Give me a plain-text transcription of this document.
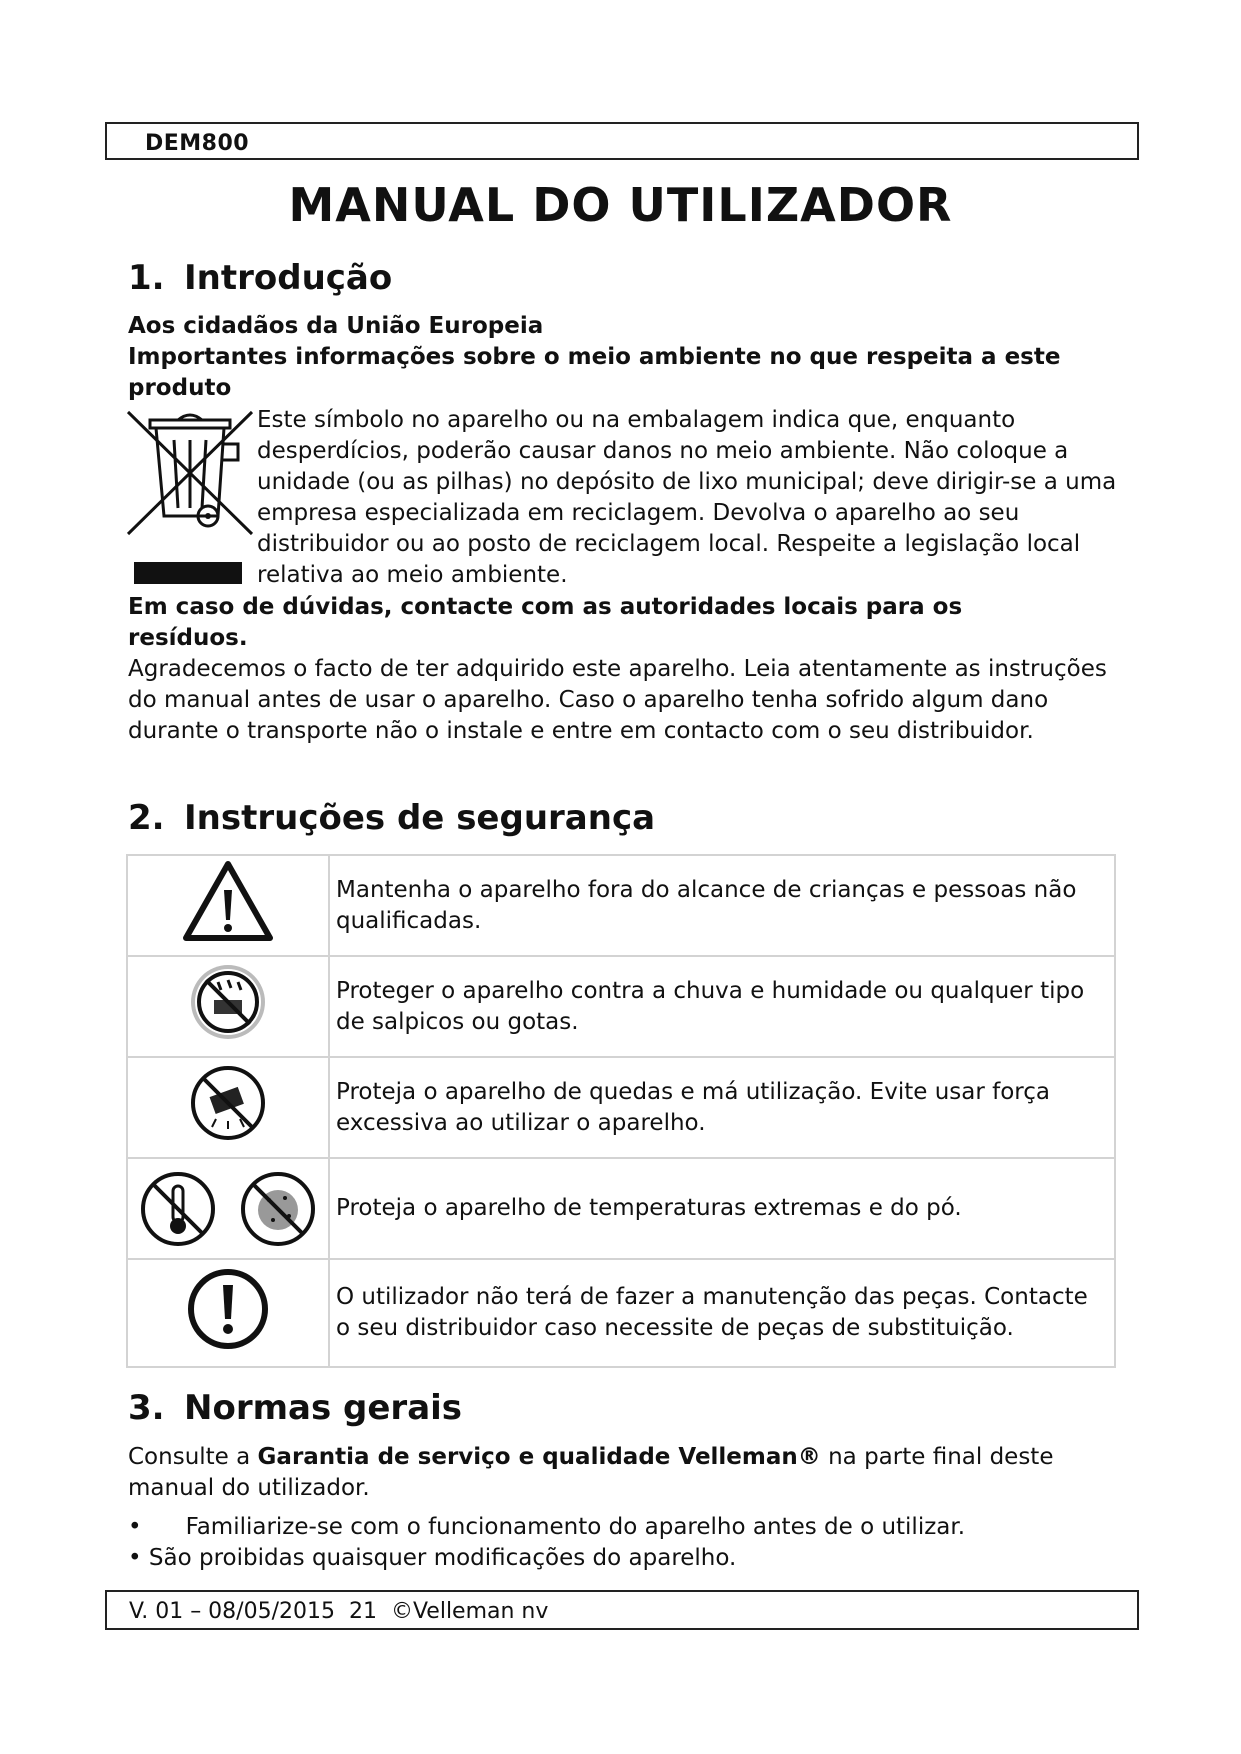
DEM800
MANUAL DO UTILIZADOR
1. Introdução
Aos cidadãos da União Europeia
Importantes informações sobre o meio ambiente no que respeita a este produto
Este símbolo no aparelho ou na embalagem indica que, enquanto desperdícios, poderão causar danos no meio ambiente. Não coloque a unidade (ou as pilhas) no depósito de lixo municipal; deve dirigir-se a uma empresa especializada em reciclagem. Devolva o aparelho ao seu distribuidor ou ao posto de reciclagem local. Respeite a legislação local relativa ao meio ambiente.
Em caso de dúvidas, contacte com as autoridades locais para os resíduos.
Agradecemos o facto de ter adquirido este aparelho. Leia atentamente as instruções do manual antes de usar o aparelho. Caso o aparelho tenha sofrido algum dano durante o transporte não o instale e entre em contacto com o seu distribuidor.
2. Instruções de segurança
	Mantenha o aparelho fora do alcance de crianças e pessoas não qualificadas.

	Proteger o aparelho contra a chuva e humidade ou qualquer tipo de salpicos ou gotas.

	Proteja o aparelho de quedas e má utilização. Evite usar força excessiva ao utilizar o aparelho.

	Proteja o aparelho de temperaturas extremas e do pó.

	O utilizador não terá de fazer a manutenção das peças. Contacte o seu distribuidor caso necessite de peças de substituição.
3. Normas gerais
Consulte a Garantia de serviço e qualidade Velleman® na parte final deste manual do utilizador.
• Familiarize-se com o funcionamento do aparelho antes de o utilizar.
• São proibidas quaisquer modificações do aparelho.
V. 01 – 08/05/2015  21  ©Velleman nv
